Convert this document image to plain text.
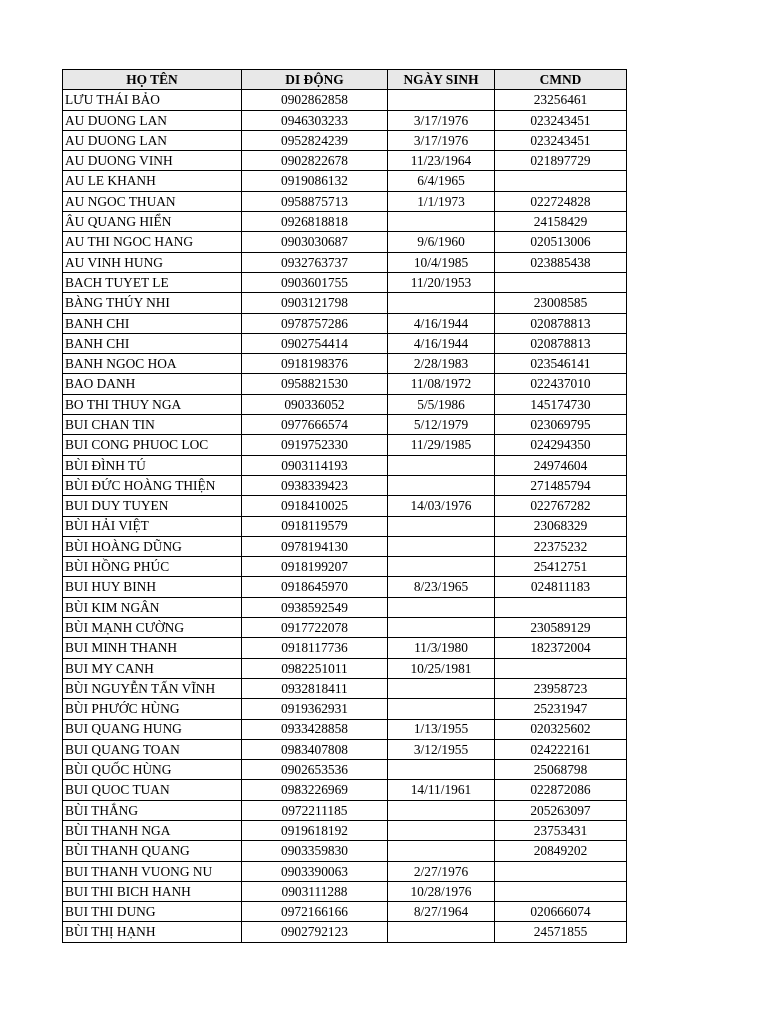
HỌ TÊN	DI ĐỘNG	NGÀY SINH	CMND
LƯU THÁI BẢO	0902862858		23256461
AU DUONG LAN	0946303233	3/17/1976	023243451
AU DUONG LAN	0952824239	3/17/1976	023243451
AU DUONG VINH	0902822678	11/23/1964	021897729
AU LE KHANH	0919086132	6/4/1965	
AU NGOC THUAN	0958875713	1/1/1973	022724828
ÂU QUANG HIỂN	0926818818		24158429
AU THI NGOC HANG	0903030687	9/6/1960	020513006
AU VINH HUNG	0932763737	10/4/1985	023885438
BACH TUYET LE	0903601755	11/20/1953	
BÀNG THÚY NHI	0903121798		23008585
BANH CHI	0978757286	4/16/1944	020878813
BANH CHI	0902754414	4/16/1944	020878813
BANH NGOC HOA	0918198376	2/28/1983	023546141
BAO DANH	0958821530	11/08/1972	022437010
BO THI THUY NGA	090336052	5/5/1986	145174730
BUI CHAN TIN	0977666574	5/12/1979	023069795
BUI CONG PHUOC LOC	0919752330	11/29/1985	024294350
BÙI ĐÌNH TÚ	0903114193		24974604
BÙI ĐỨC HOÀNG THIỆN	0938339423		271485794
BUI DUY TUYEN	0918410025	14/03/1976	022767282
BÙI HẢI VIỆT	0918119579		23068329
BÙI HOÀNG DŨNG	0978194130		22375232
BÙI HỒNG PHÚC	0918199207		25412751
BUI HUY BINH	0918645970	8/23/1965	024811183
BÙI KIM NGÂN	0938592549		
BÙI MẠNH CƯỜNG	0917722078		230589129
BUI MINH THANH	0918117736	11/3/1980	182372004
BUI MY CANH	0982251011	10/25/1981	
BÙI NGUYỄN TẤN VĨNH	0932818411		23958723
BÙI PHƯỚC HÙNG	0919362931		25231947
BUI QUANG HUNG	0933428858	1/13/1955	020325602
BUI QUANG TOAN	0983407808	3/12/1955	024222161
BÙI QUỐC HÙNG	0902653536		25068798
BUI QUOC TUAN	0983226969	14/11/1961	022872086
BÙI THẮNG	0972211185		205263097
BÙI THANH NGA	0919618192		23753431
BÙI THANH QUANG	0903359830		20849202
BUI THANH VUONG NU	0903390063	2/27/1976	
BUI THI BICH HANH	0903111288	10/28/1976	
BUI THI DUNG	0972166166	8/27/1964	020666074
BÙI THỊ HẠNH	0902792123		24571855
